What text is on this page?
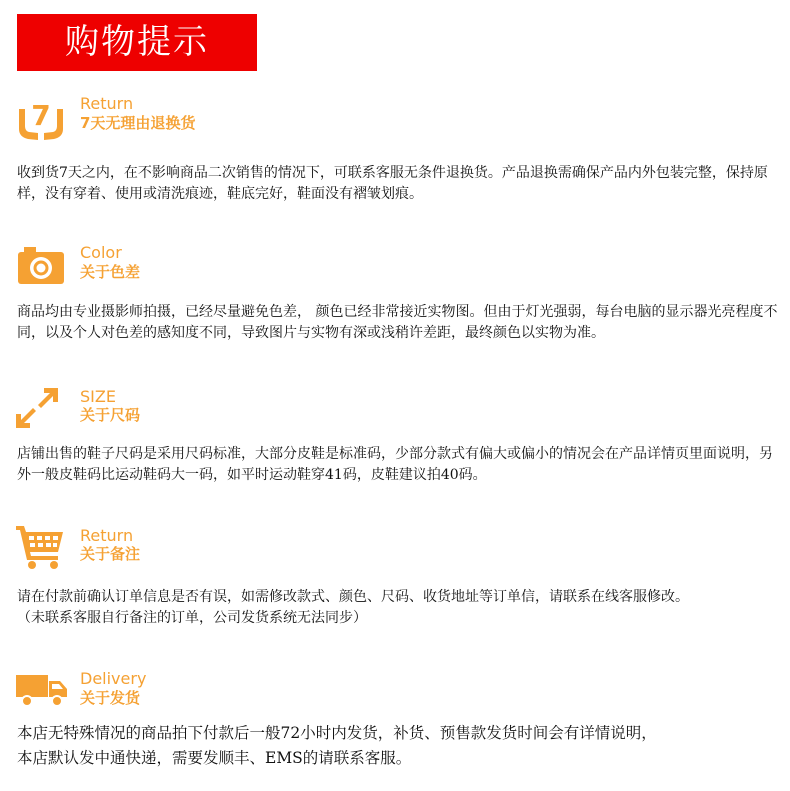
购物提示
7 Return
7天无理由退换货

收到货7天之内，在不影响商品二次销售的情况下，可联系客服无条件退换货。产品退换需确保产品内外包装完整，保持原样，没有穿着、使用或清洗痕迹，鞋底完好，鞋面没有褶皱划痕。

Color
关于色差

商品均由专业摄影师拍摄，已经尽量避免色差， 颜色已经非常接近实物图。但由于灯光强弱，每台电脑的显示器光亮程度不同，以及个人对色差的感知度不同，导致图片与实物有深或浅稍许差距，最终颜色以实物为准。

SIZE
关于尺码

店铺出售的鞋子尺码是采用尺码标准，大部分皮鞋是标准码，少部分款式有偏大或偏小的情况会在产品详情页里面说明，另外一般皮鞋码比运动鞋码大一码，如平时运动鞋穿41码，皮鞋建议拍40码。

Return
关于备注

请在付款前确认订单信息是否有误，如需修改款式、颜色、尺码、收货地址等订单信，请联系在线客服修改。

（未联系客服自行备注的订单，公司发货系统无法同步）

Delivery
关于发货

本店无特殊情况的商品拍下付款后一般72小时内发货，补货、预售款发货时间会有详情说明，

本店默认发中通快递，需要发顺丰、EMS的请联系客服。
